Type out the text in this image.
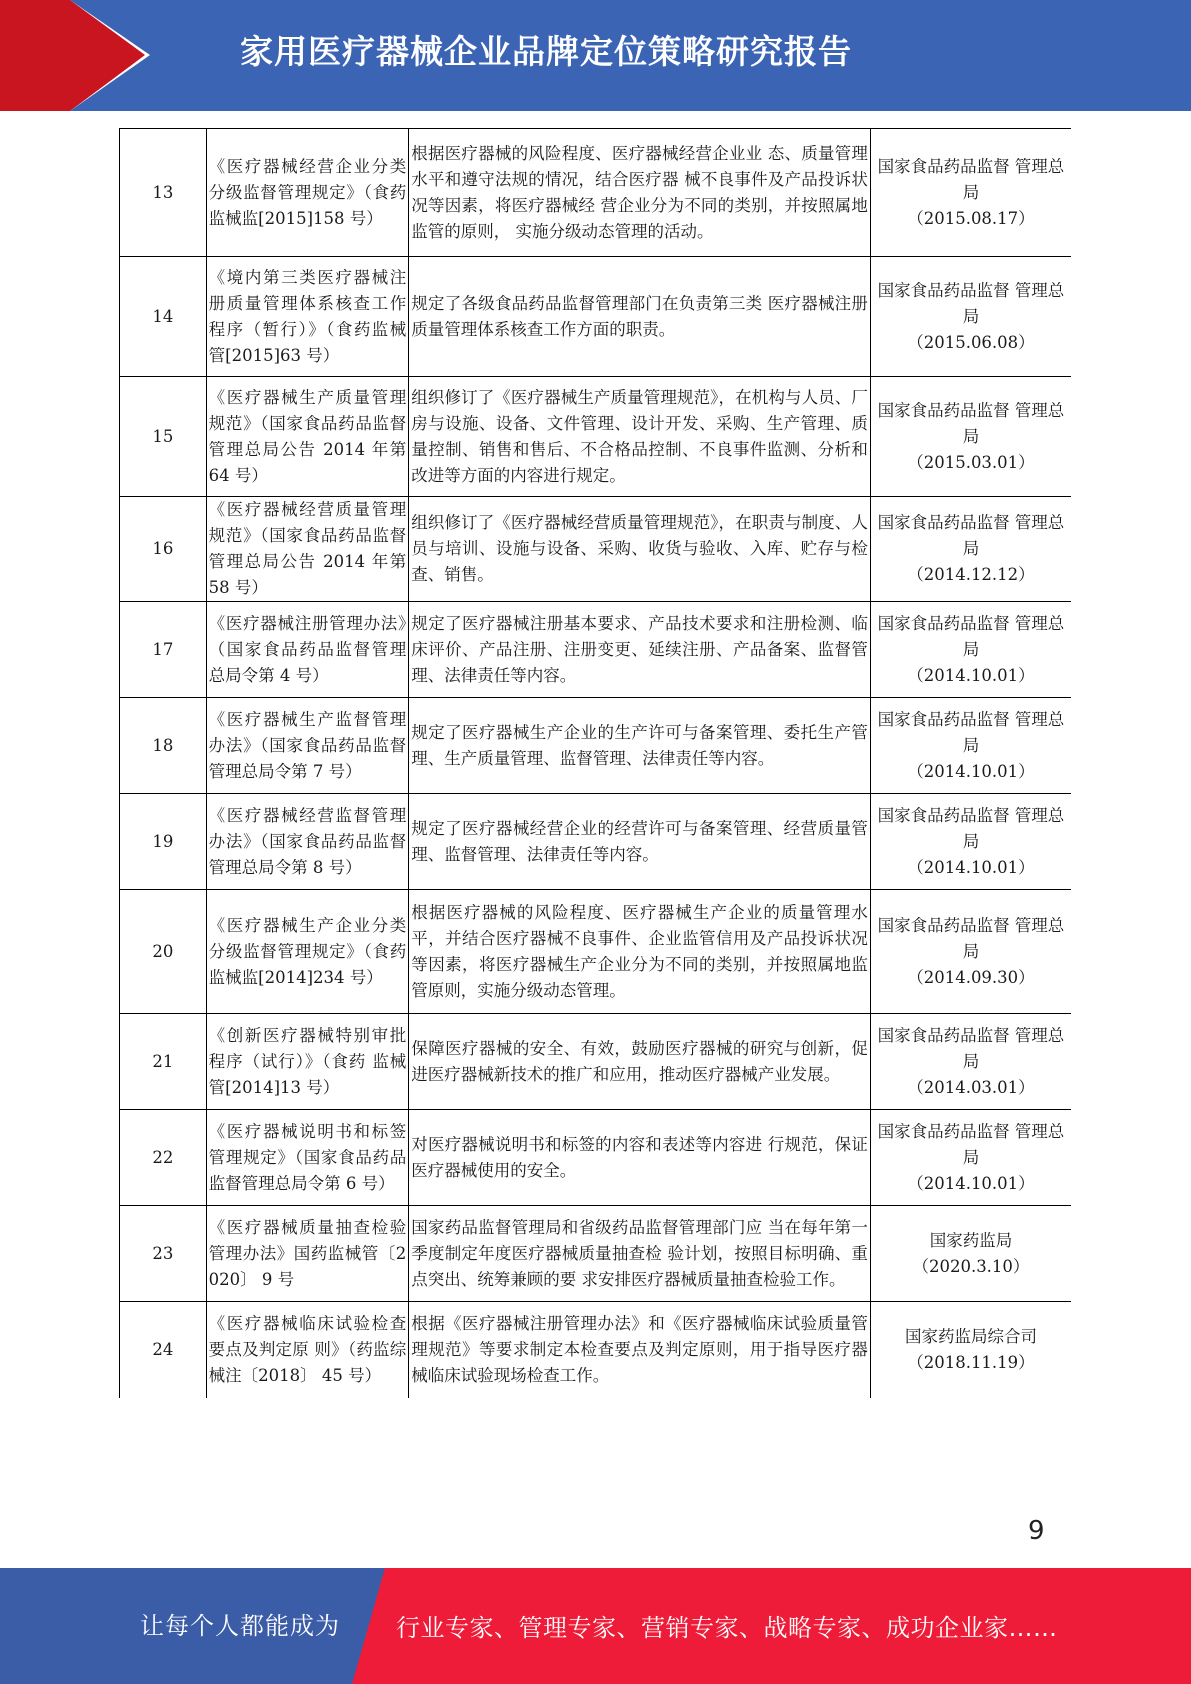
家用医疗器械企业品牌定位策略研究报告
13	《医疗器械经营企业分类分级监督管理规定》（食药监械监[2015]158 号）	根据医疗器械的风险程度、医疗器械经营企业业 态、质量管理水平和遵守法规的情况，结合医疗器 械不良事件及产品投诉状况等因素，将医疗器械经 营企业分为不同的类别，并按照属地监管的原则， 实施分级动态管理的活动。	国家食品药品监督 管理总局
（2015.08.17）

14	《境内第三类医疗器械注册质量管理体系核查工作程序（暂行）》（食药监械管[2015]63 号）	规定了各级食品药品监督管理部门在负责第三类 医疗器械注册质量管理体系核查工作方面的职责。	国家食品药品监督 管理总局
（2015.06.08）

15	《医疗器械生产质量管理规范》（国家食品药品监督管理总局公告 2014 年第 64 号）	组织修订了《医疗器械生产质量管理规范》，在机构与人员、厂房与设施、设备、文件管理、设计开发、采购、生产管理、质量控制、销售和售后、不合格品控制、不良事件监测、分析和改进等方面的内容进行规定。	国家食品药品监督 管理总局
（2015.03.01）

16	《医疗器械经营质量管理规范》（国家食品药品监督管理总局公告 2014 年第 58 号）	组织修订了《医疗器械经营质量管理规范》，在职责与制度、人员与培训、设施与设备、采购、收货与验收、入库、贮存与检查、销售。	国家食品药品监督 管理总局
（2014.12.12）

17	《医疗器械注册管理办法》（国家食品药品监督管理总局令第 4 号）	规定了医疗器械注册基本要求、产品技术要求和注册检测、临床评价、产品注册、注册变更、延续注册、产品备案、监督管理、法律责任等内容。	国家食品药品监督 管理总局
（2014.10.01）

18	《医疗器械生产监督管理办法》（国家食品药品监督管理总局令第 7 号）	规定了医疗器械生产企业的生产许可与备案管理、委托生产管理、生产质量管理、监督管理、法律责任等内容。	国家食品药品监督 管理总局
（2014.10.01）

19	《医疗器械经营监督管理办法》（国家食品药品监督管理总局令第 8 号）	规定了医疗器械经营企业的经营许可与备案管理、经营质量管理、监督管理、法律责任等内容。	国家食品药品监督 管理总局
（2014.10.01）

20	《医疗器械生产企业分类分级监督管理规定》（食药监械监[2014]234 号）	根据医疗器械的风险程度、医疗器械生产企业的质量管理水平，并结合医疗器械不良事件、企业监管信用及产品投诉状况等因素，将医疗器械生产企业分为不同的类别，并按照属地监管原则，实施分级动态管理。	国家食品药品监督 管理总局
（2014.09.30）

21	《创新医疗器械特别审批程序（试行）》（食药 监械管[2014]13 号）	保障医疗器械的安全、有效，鼓励医疗器械的研究与创新，促进医疗器械新技术的推广和应用，推动医疗器械产业发展。	国家食品药品监督 管理总局
（2014.03.01）

22	《医疗器械说明书和标签管理规定》（国家食品药品监督管理总局令第 6 号）	对医疗器械说明书和标签的内容和表述等内容进 行规范，保证医疗器械使用的安全。	国家食品药品监督 管理总局
（2014.10.01）

23	《医疗器械质量抽查检验管理办法》国药监械管〔2020〕 9 号	国家药品监督管理局和省级药品监督管理部门应 当在每年第一季度制定年度医疗器械质量抽查检 验计划，按照目标明确、重点突出、统筹兼顾的要 求安排医疗器械质量抽查检验工作。	国家药监局
（2020.3.10）

24	《医疗器械临床试验检查要点及判定原 则》（药监综械注〔2018〕 45 号）	根据《医疗器械注册管理办法》和《医疗器械临床试验质量管理规范》等要求制定本检查要点及判定原则，用于指导医疗器械临床试验现场检查工作。	国家药监局综合司
（2018.11.19）
9
让每个人都能成为 行业专家、管理专家、营销专家、战略专家、成功企业家……
